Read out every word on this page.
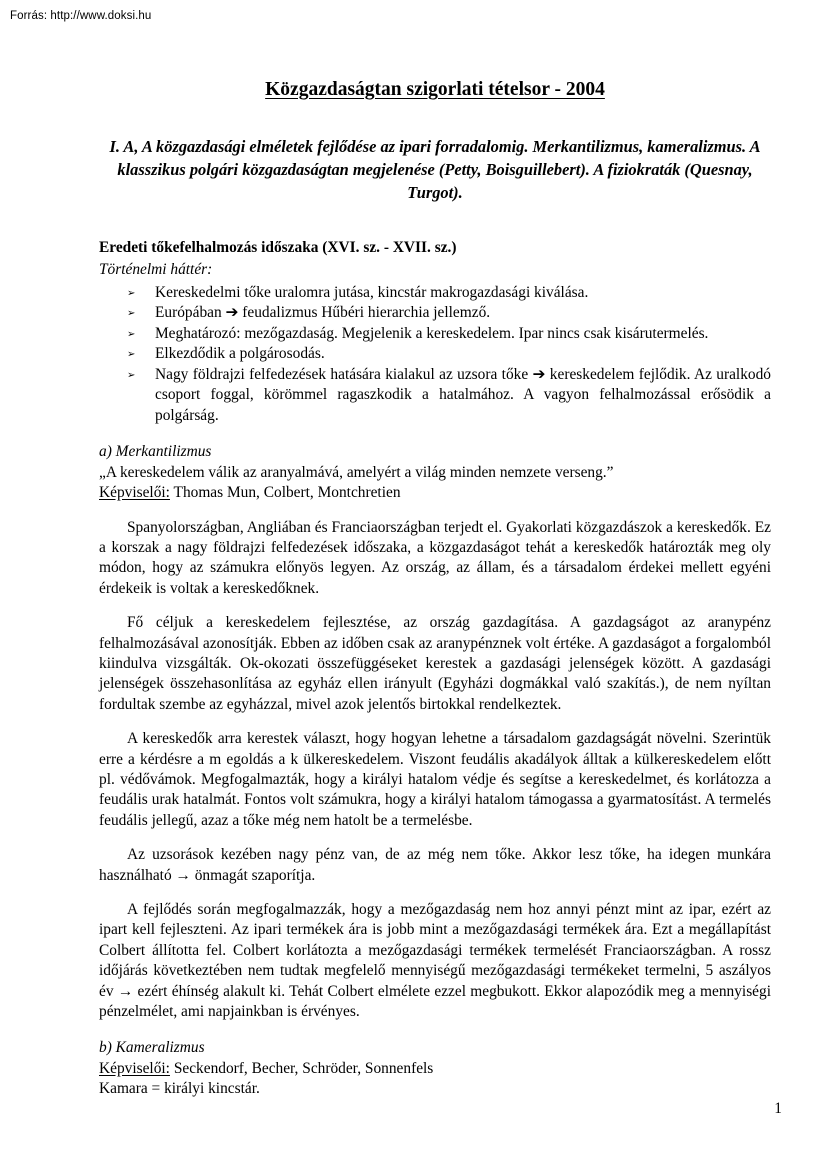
Forrás: http://www.doksi.hu
Közgazdaságtan szigorlati tételsor - 2004
I. A, A közgazdasági elméletek fejlődése az ipari forradalomig. Merkantilizmus, kameralizmus. A klasszikus polgári közgazdaságtan megjelenése (Petty, Boisguillebert). A fiziokraták (Quesnay, Turgot).
Eredeti tőkefelhalmozás időszaka (XVI. sz. - XVII. sz.)
Történelmi háttér:
➢ Kereskedelmi tőke uralomra jutása, kincstár makrogazdasági kiválása.
➢ Európában ➔ feudalizmus Hűbéri hierarchia jellemző.
➢ Meghatározó: mezőgazdaság. Megjelenik a kereskedelem. Ipar nincs csak kisárutermelés.
➢ Elkezdődik a polgárosodás.
➢ Nagy földrajzi felfedezések hatására kialakul az uzsora tőke ➔ kereskedelem fejlődik. Az uralkodó csoport foggal, körömmel ragaszkodik a hatalmához. A vagyon felhalmozással erősödik a polgárság.
a) Merkantilizmus
„A kereskedelem válik az aranyalmává, amelyért a világ minden nemzete verseng.”
Képviselői: Thomas Mun, Colbert, Montchretien

Spanyolországban, Angliában és Franciaországban terjedt el. Gyakorlati közgazdászok a kereskedők. Ez a korszak a nagy földrajzi felfedezések időszaka, a közgazdaságot tehát a kereskedők határozták meg oly módon, hogy az számukra előnyös legyen. Az ország, az állam, és a társadalom érdekei mellett egyéni érdekeik is voltak a kereskedőknek.

Fő céljuk a kereskedelem fejlesztése, az ország gazdagítása. A gazdagságot az aranypénz felhalmozásával azonosítják. Ebben az időben csak az aranypénznek volt értéke. A gazdaságot a forgalomból kiindulva vizsgálták. Ok-okozati összefüggéseket kerestek a gazdasági jelenségek között. A gazdasági jelenségek összehasonlítása az egyház ellen irányult (Egyházi dogmákkal való szakítás.), de nem nyíltan fordultak szembe az egyházzal, mivel azok jelentős birtokkal rendelkeztek.

A kereskedők arra kerestek választ, hogy hogyan lehetne a társadalom gazdagságát növelni. Szerintük erre a kérdésre a m egoldás a k ülkereskedelem. Viszont feudális akadályok álltak a külkereskedelem előtt pl. védővámok. Megfogalmazták, hogy a királyi hatalom védje és segítse a kereskedelmet, és korlátozza a feudális urak hatalmát. Fontos volt számukra, hogy a királyi hatalom támogassa a gyarmatosítást. A termelés feudális jellegű, azaz a tőke még nem hatolt be a termelésbe.

Az uzsorások kezében nagy pénz van, de az még nem tőke. Akkor lesz tőke, ha idegen munkára használható → önmagát szaporítja.

A fejlődés során megfogalmazzák, hogy a mezőgazdaság nem hoz annyi pénzt mint az ipar, ezért az ipart kell fejleszteni. Az ipari termékek ára is jobb mint a mezőgazdasági termékek ára. Ezt a megállapítást Colbert állította fel. Colbert korlátozta a mezőgazdasági termékek termelését Franciaországban. A rossz időjárás következtében nem tudtak megfelelő mennyiségű mezőgazdasági termékeket termelni, 5 aszályos év → ezért éhínség alakult ki. Tehát Colbert elmélete ezzel megbukott. Ekkor alapozódik meg a mennyiségi pénzelmélet, ami napjainkban is érvényes.

b) Kameralizmus
Képviselői: Seckendorf, Becher, Schröder, Sonnenfels
Kamara = királyi kincstár.
1
